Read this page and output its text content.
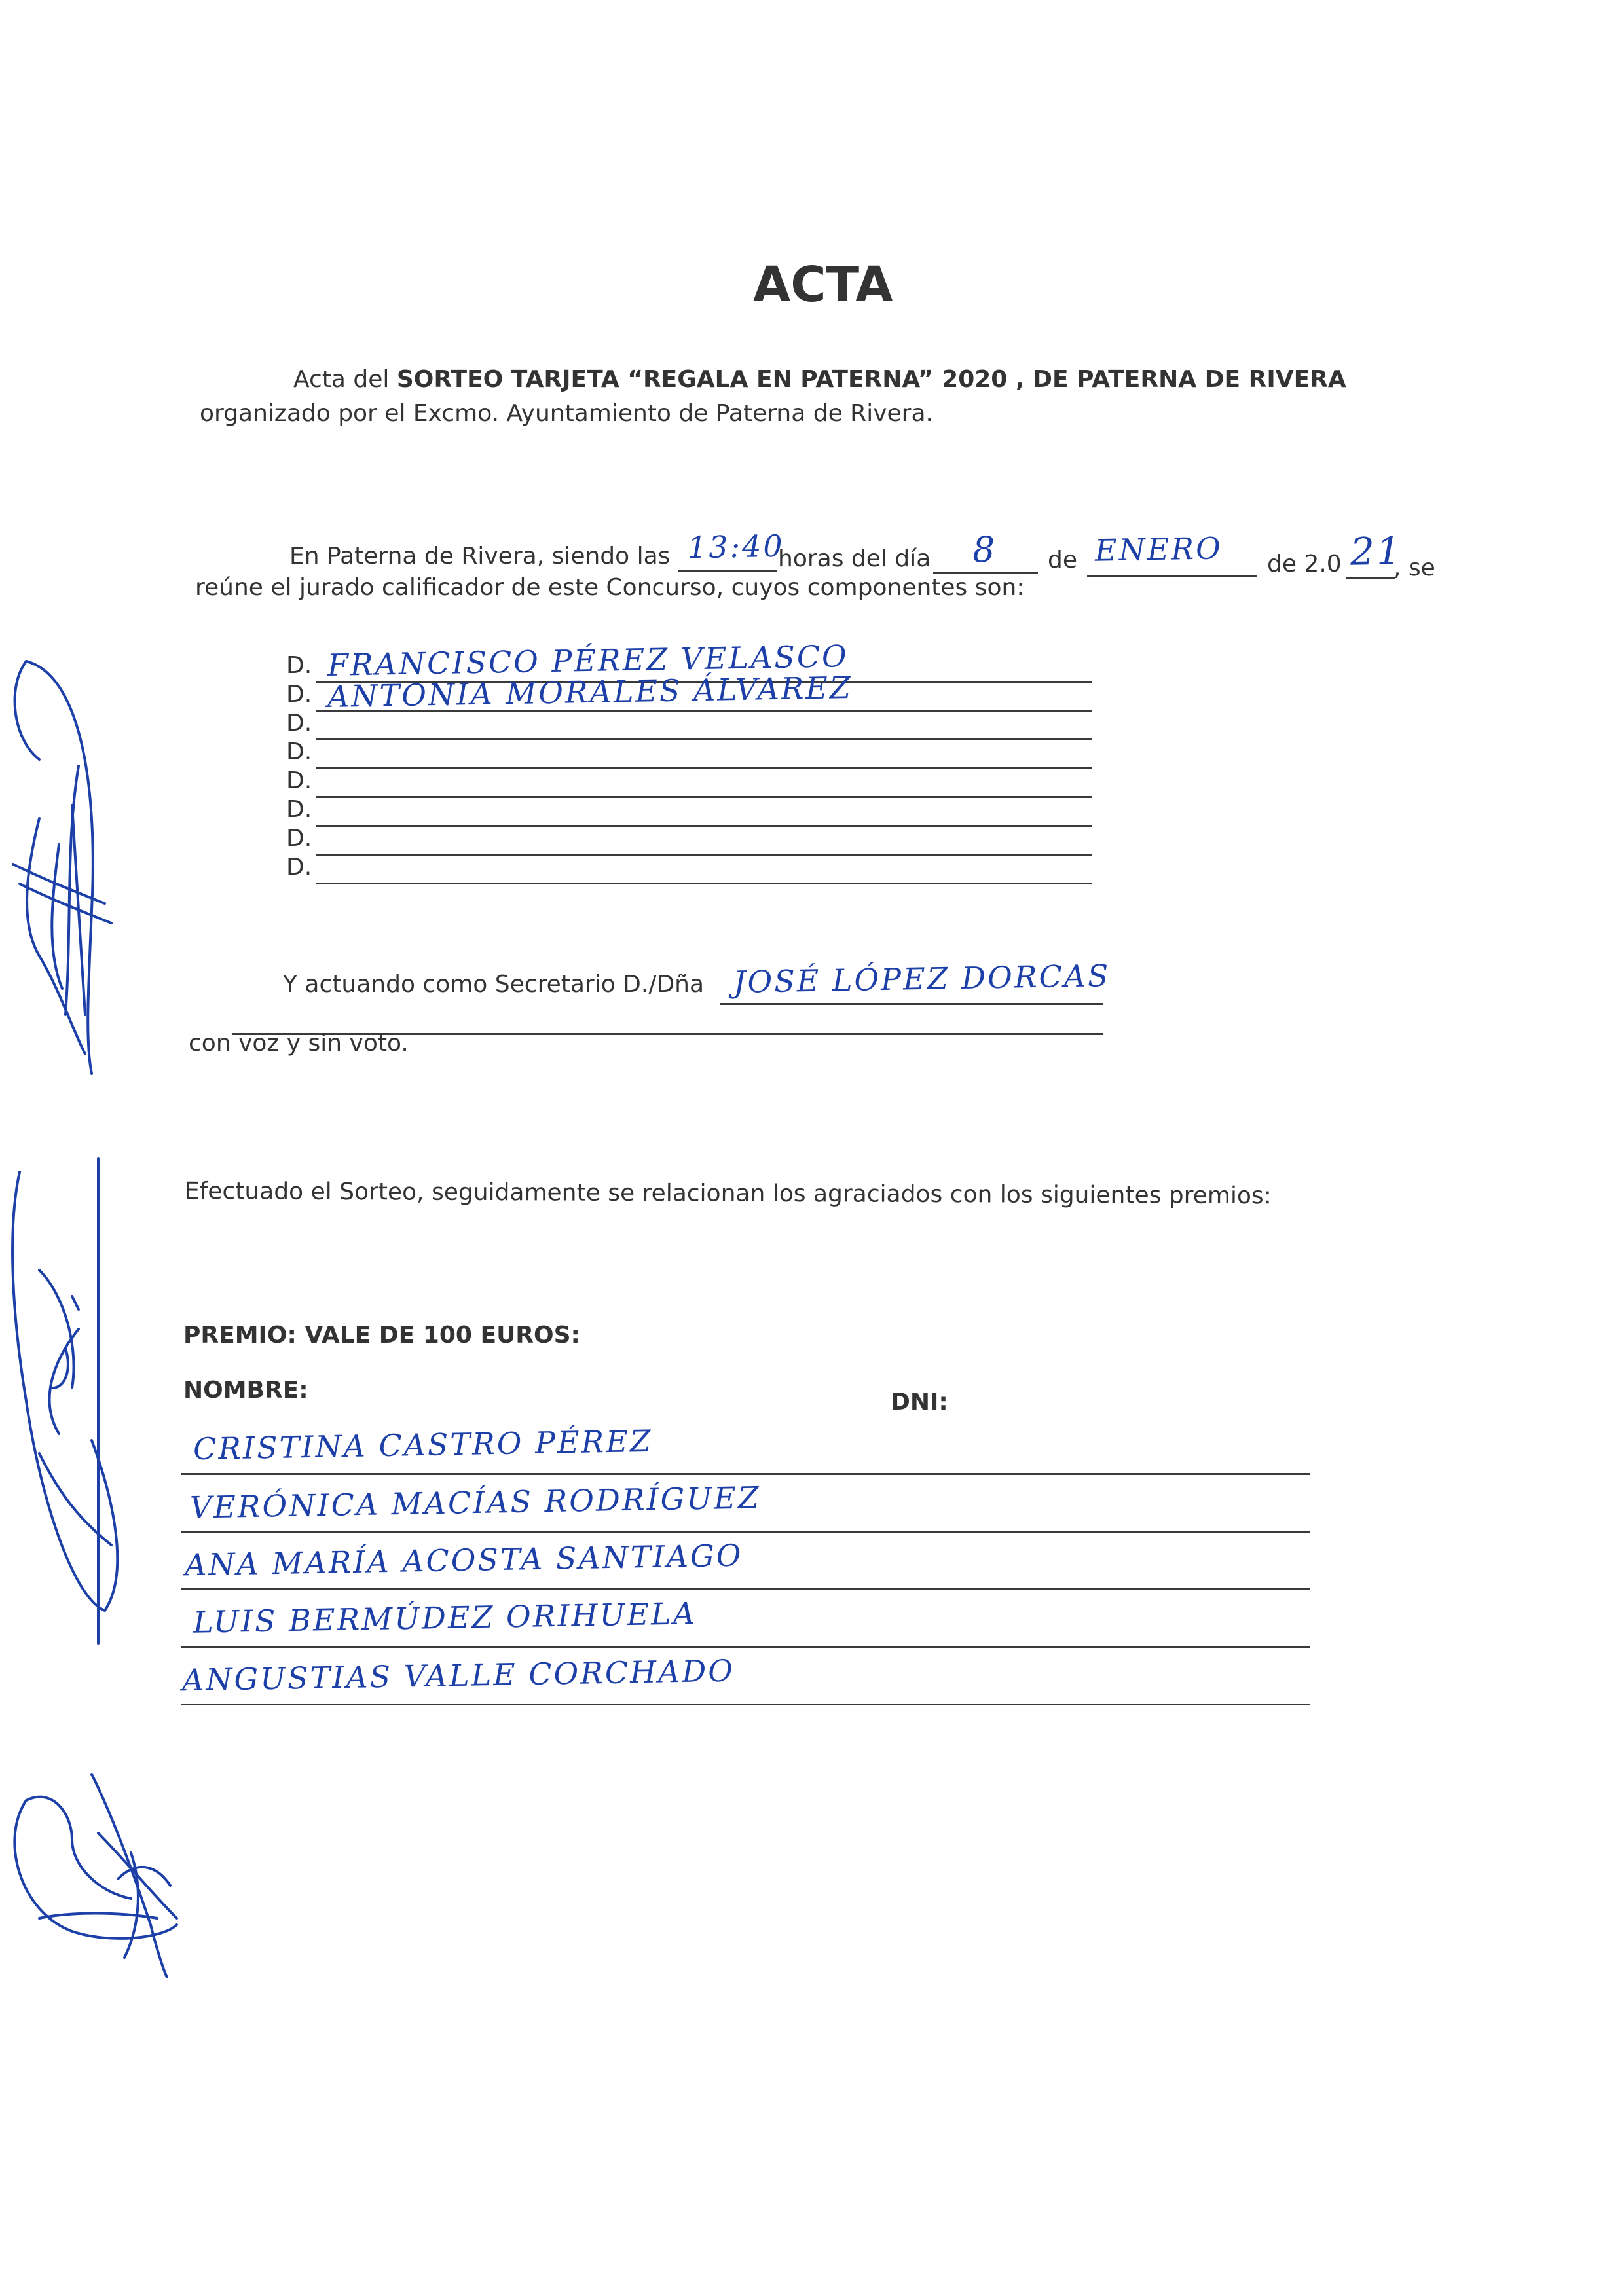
ACTA
Acta del SORTEO TARJETA “REGALA EN PATERNA” 2020 , DE PATERNA DE RIVERA
organizado por el Excmo. Ayuntamiento de Paterna de Rivera.
En Paterna de Rivera, siendo las 13:40
horas del día 8 de ENERO de 2.0 21
, se
reúne el jurado calificador de este Concurso, cuyos componentes son:
D. FRANCISCO PÉREZ VELASCO
D. ANTONIA MORALES ÁLVAREZ
D.
D.
D.
D.
D.
D.
Y actuando como Secretario D./Dña JOSÉ LÓPEZ DORCAS
con voz y sin voto.
Efectuado el Sorteo, seguidamente se relacionan los agraciados con los siguientes premios:
PREMIO: VALE DE 100 EUROS:
NOMBRE:	DNI:
CRISTINA CASTRO PÉREZ
VERÓNICA MACÍAS RODRÍGUEZ
ANA MARÍA ACOSTA SANTIAGO
LUIS BERMÚDEZ ORIHUELA
ANGUSTIAS VALLE CORCHADO
